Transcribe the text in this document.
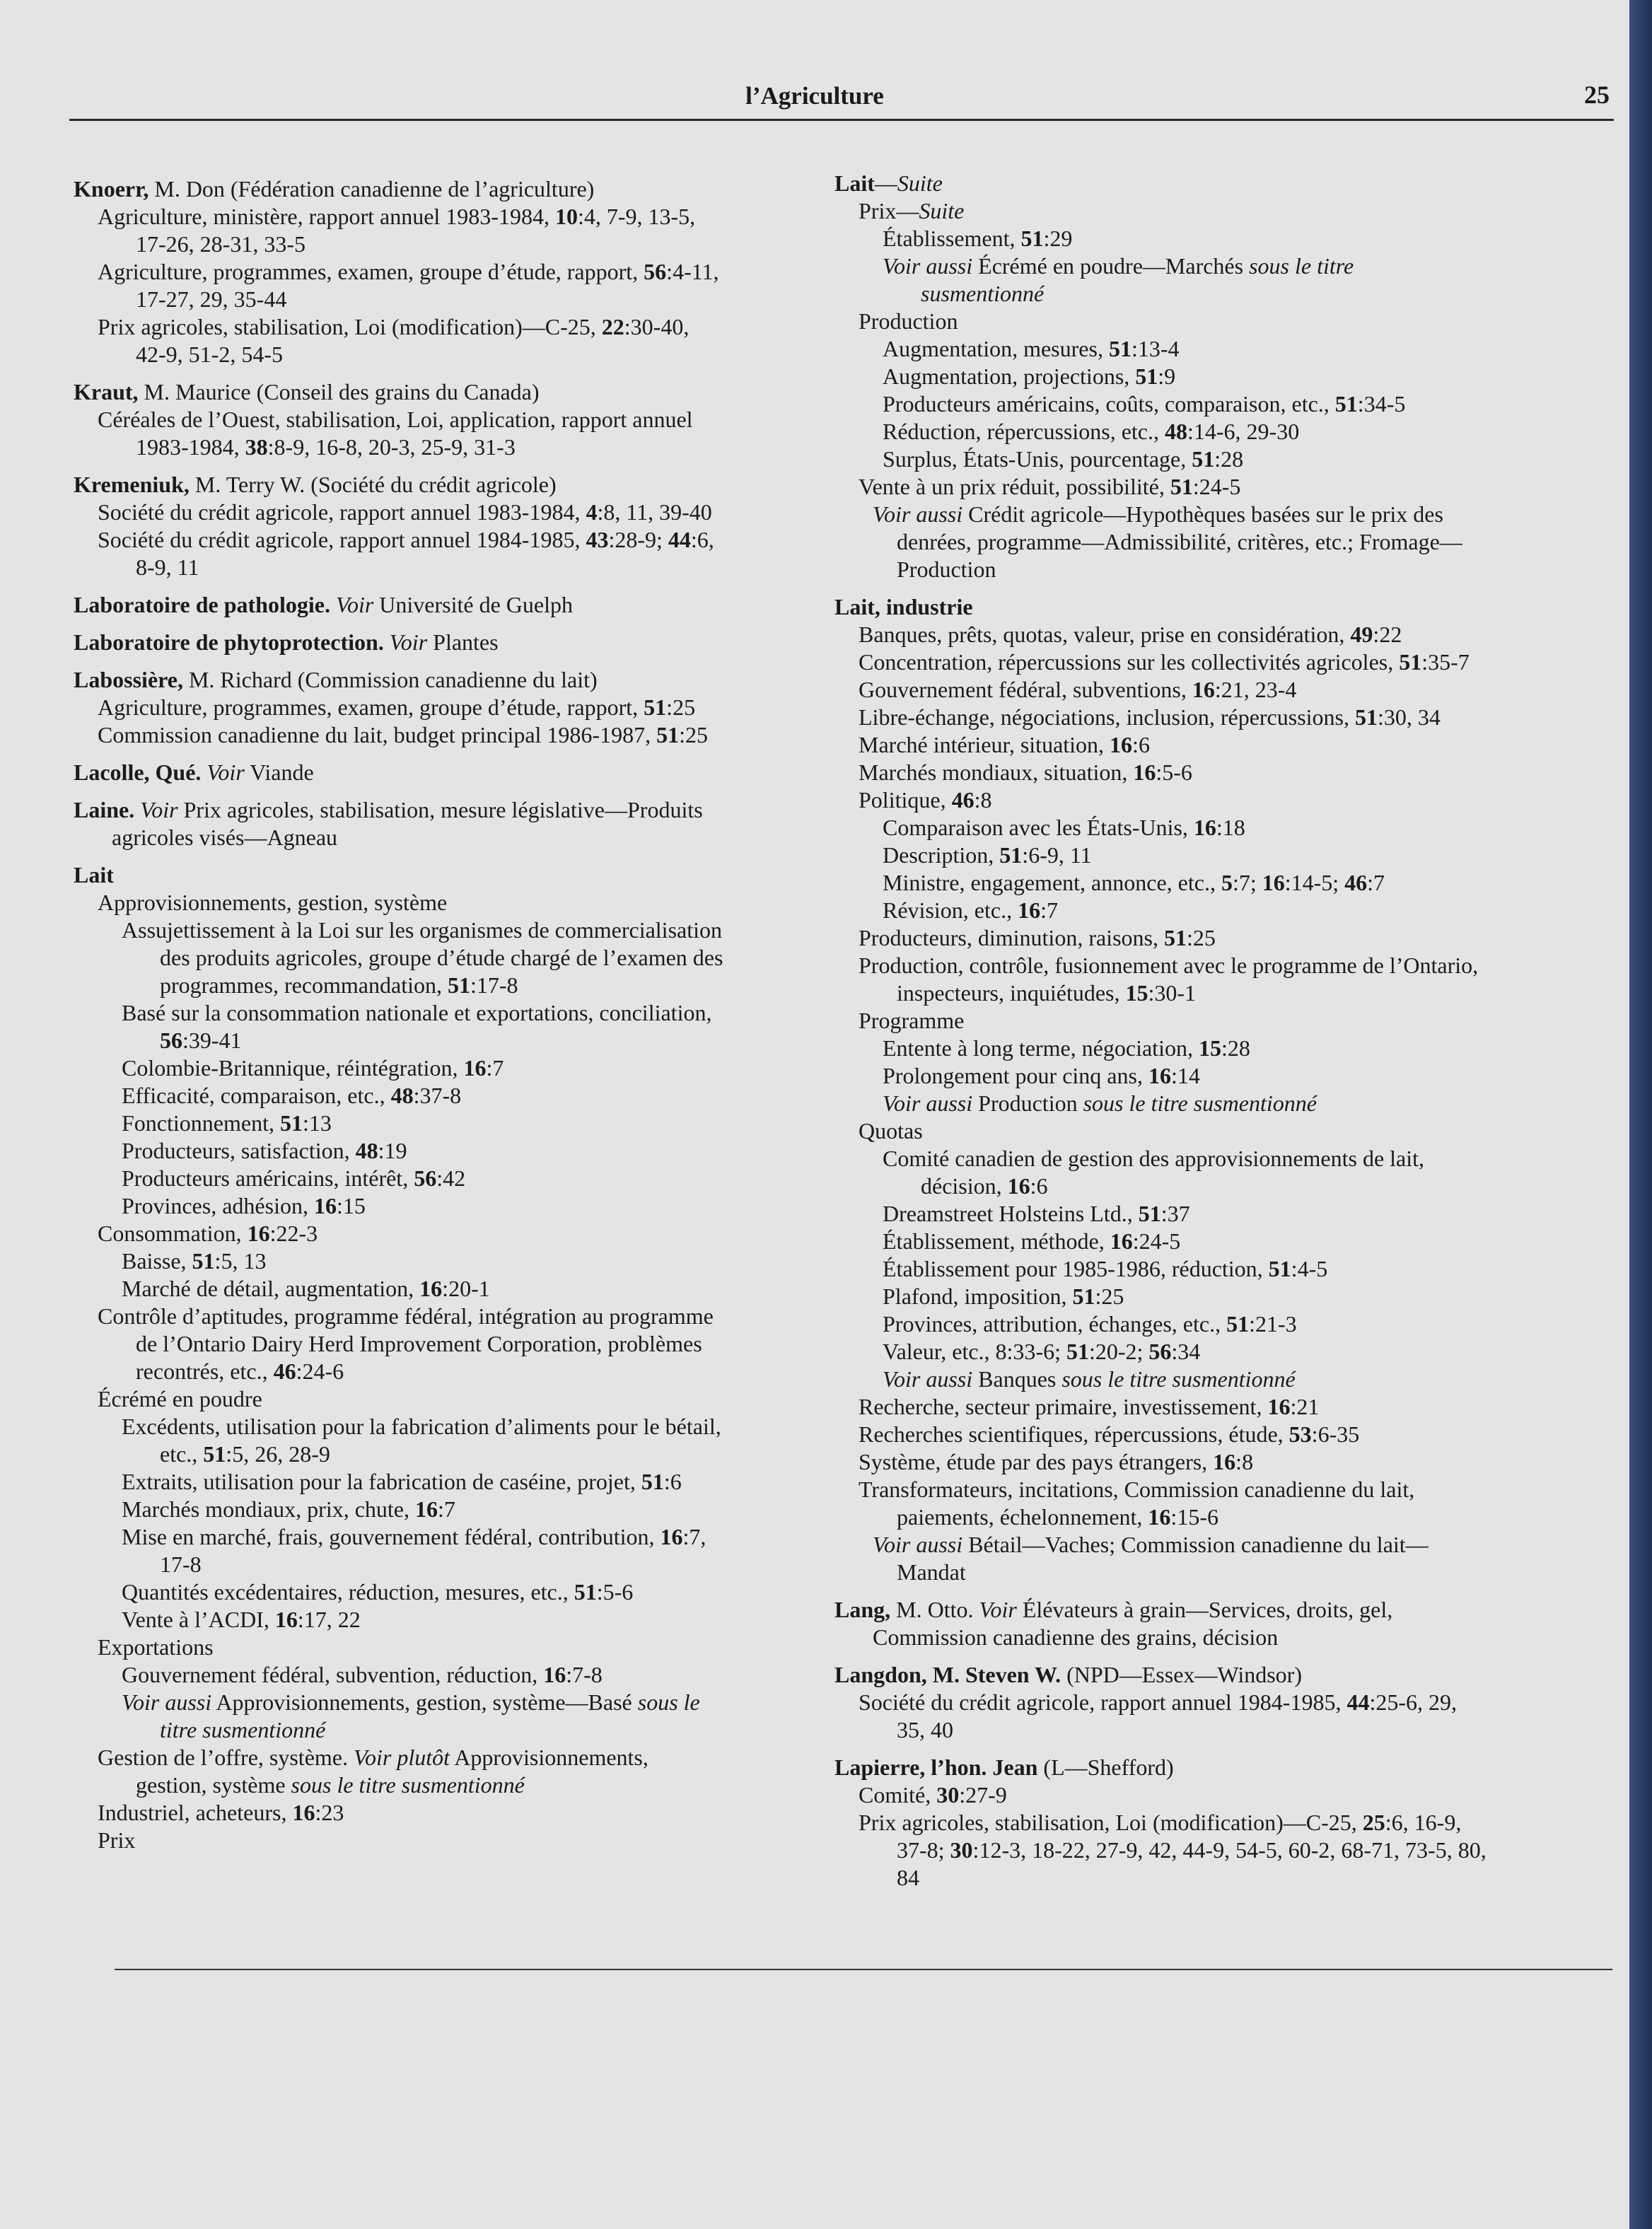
l’Agriculture	25
Knoerr, M. Don (Fédération canadienne de l’agriculture)
Agriculture, ministère, rapport annuel 1983-1984, 10:4, 7-9, 13-5,
17-26, 28-31, 33-5
Agriculture, programmes, examen, groupe d’étude, rapport, 56:4-11,
17-27, 29, 35-44
Prix agricoles, stabilisation, Loi (modification)—C-25, 22:30-40,
42-9, 51-2, 54-5
Kraut, M. Maurice (Conseil des grains du Canada)
Céréales de l’Ouest, stabilisation, Loi, application, rapport annuel
1983-1984, 38:8-9, 16-8, 20-3, 25-9, 31-3
Kremeniuk, M. Terry W. (Société du crédit agricole)
Société du crédit agricole, rapport annuel 1983-1984, 4:8, 11, 39-40
Société du crédit agricole, rapport annuel 1984-1985, 43:28-9; 44:6,
8-9, 11
Laboratoire de pathologie. Voir Université de Guelph
Laboratoire de phytoprotection. Voir Plantes
Labossière, M. Richard (Commission canadienne du lait)
Agriculture, programmes, examen, groupe d’étude, rapport, 51:25
Commission canadienne du lait, budget principal 1986-1987, 51:25
Lacolle, Qué. Voir Viande
Laine. Voir Prix agricoles, stabilisation, mesure législative—Produits
agricoles visés—Agneau
Lait
Approvisionnements, gestion, système
Assujettissement à la Loi sur les organismes de commercialisation
des produits agricoles, groupe d’étude chargé de l’examen des
programmes, recommandation, 51:17-8
Basé sur la consommation nationale et exportations, conciliation,
56:39-41
Colombie-Britannique, réintégration, 16:7
Efficacité, comparaison, etc., 48:37-8
Fonctionnement, 51:13
Producteurs, satisfaction, 48:19
Producteurs américains, intérêt, 56:42
Provinces, adhésion, 16:15
Consommation, 16:22-3
Baisse, 51:5, 13
Marché de détail, augmentation, 16:20-1
Contrôle d’aptitudes, programme fédéral, intégration au programme
de l’Ontario Dairy Herd Improvement Corporation, problèmes
recontrés, etc., 46:24-6
Écrémé en poudre
Excédents, utilisation pour la fabrication d’aliments pour le bétail,
etc., 51:5, 26, 28-9
Extraits, utilisation pour la fabrication de caséine, projet, 51:6
Marchés mondiaux, prix, chute, 16:7
Mise en marché, frais, gouvernement fédéral, contribution, 16:7,
17-8
Quantités excédentaires, réduction, mesures, etc., 51:5-6
Vente à l’ACDI, 16:17, 22
Exportations
Gouvernement fédéral, subvention, réduction, 16:7-8
Voir aussi Approvisionnements, gestion, système—Basé sous le
titre susmentionné
Gestion de l’offre, système. Voir plutôt Approvisionnements,
gestion, système sous le titre susmentionné
Industriel, acheteurs, 16:23
Prix
Lait—Suite
Prix—Suite
Établissement, 51:29
Voir aussi Écrémé en poudre—Marchés sous le titre
susmentionné
Production
Augmentation, mesures, 51:13-4
Augmentation, projections, 51:9
Producteurs américains, coûts, comparaison, etc., 51:34-5
Réduction, répercussions, etc., 48:14-6, 29-30
Surplus, États-Unis, pourcentage, 51:28
Vente à un prix réduit, possibilité, 51:24-5
Voir aussi Crédit agricole—Hypothèques basées sur le prix des
denrées, programme—Admissibilité, critères, etc.; Fromage—
Production
Lait, industrie
Banques, prêts, quotas, valeur, prise en considération, 49:22
Concentration, répercussions sur les collectivités agricoles, 51:35-7
Gouvernement fédéral, subventions, 16:21, 23-4
Libre-échange, négociations, inclusion, répercussions, 51:30, 34
Marché intérieur, situation, 16:6
Marchés mondiaux, situation, 16:5-6
Politique, 46:8
Comparaison avec les États-Unis, 16:18
Description, 51:6-9, 11
Ministre, engagement, annonce, etc., 5:7; 16:14-5; 46:7
Révision, etc., 16:7
Producteurs, diminution, raisons, 51:25
Production, contrôle, fusionnement avec le programme de l’Ontario,
inspecteurs, inquiétudes, 15:30-1
Programme
Entente à long terme, négociation, 15:28
Prolongement pour cinq ans, 16:14
Voir aussi Production sous le titre susmentionné
Quotas
Comité canadien de gestion des approvisionnements de lait,
décision, 16:6
Dreamstreet Holsteins Ltd., 51:37
Établissement, méthode, 16:24-5
Établissement pour 1985-1986, réduction, 51:4-5
Plafond, imposition, 51:25
Provinces, attribution, échanges, etc., 51:21-3
Valeur, etc., 8:33-6; 51:20-2; 56:34
Voir aussi Banques sous le titre susmentionné
Recherche, secteur primaire, investissement, 16:21
Recherches scientifiques, répercussions, étude, 53:6-35
Système, étude par des pays étrangers, 16:8
Transformateurs, incitations, Commission canadienne du lait,
paiements, échelonnement, 16:15-6
Voir aussi Bétail—Vaches; Commission canadienne du lait—
Mandat
Lang, M. Otto. Voir Élévateurs à grain—Services, droits, gel,
Commission canadienne des grains, décision
Langdon, M. Steven W. (NPD—Essex—Windsor)
Société du crédit agricole, rapport annuel 1984-1985, 44:25-6, 29,
35, 40
Lapierre, l’hon. Jean (L—Shefford)
Comité, 30:27-9
Prix agricoles, stabilisation, Loi (modification)—C-25, 25:6, 16-9,
37-8; 30:12-3, 18-22, 27-9, 42, 44-9, 54-5, 60-2, 68-71, 73-5, 80,
84
